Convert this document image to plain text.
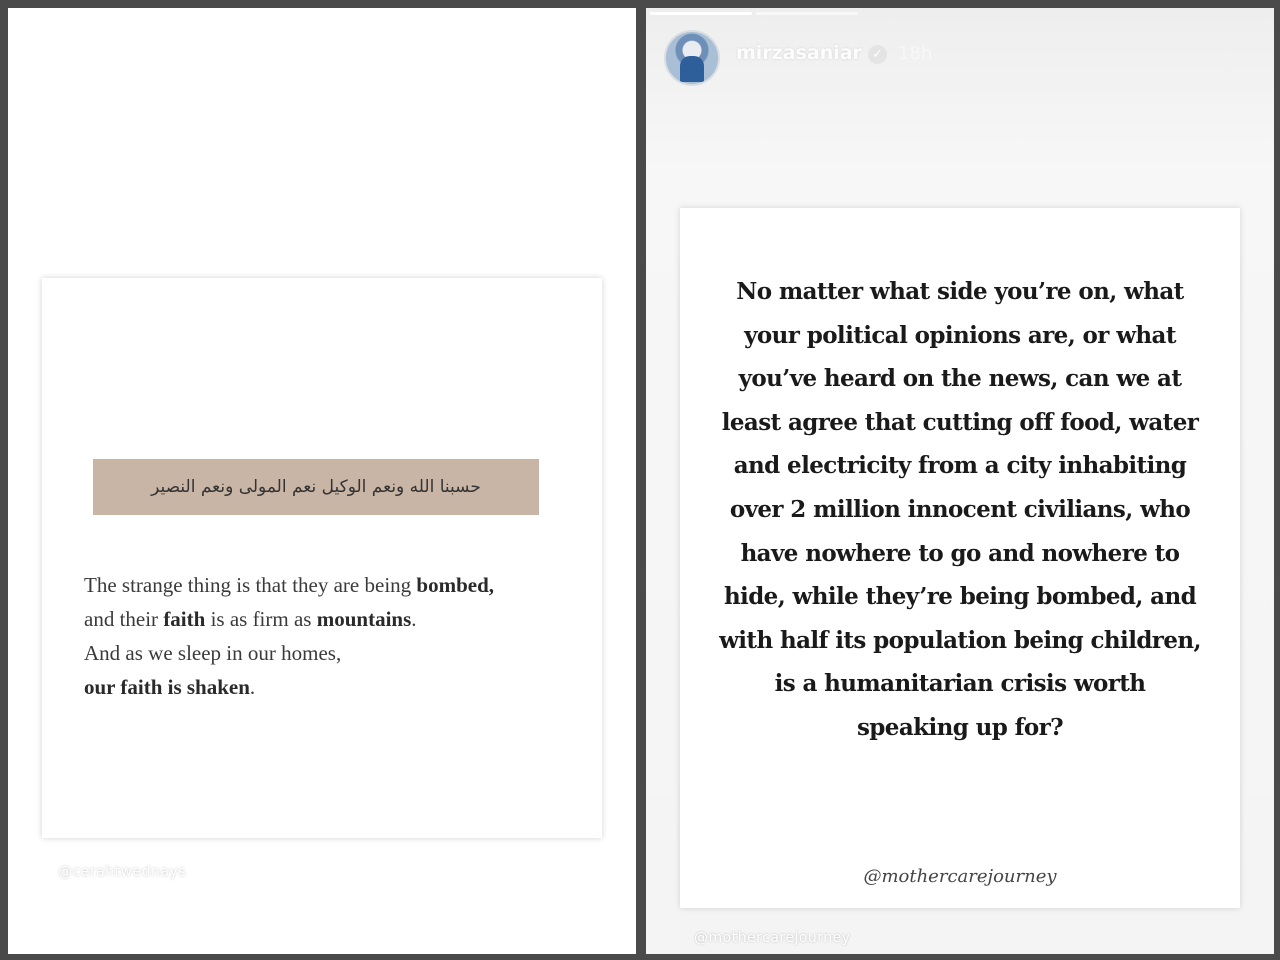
حسبنا الله ونعم الوكيل نعم المولى ونعم النصير
The strange thing is that they are being bombed,
and their faith is as firm as mountains.
And as we sleep in our homes,
our faith is shaken.
@cerahtwednays
mirzasaniar ✓ 18h
No matter what side you’re on, what your political opinions are, or what you’ve heard on the news, can we at least agree that cutting off food, water and electricity from a city inhabiting over 2 million innocent civilians, who have nowhere to go and nowhere to hide, while they’re being bombed, and with half its population being children, is a humanitarian crisis worth speaking up for?
@mothercarejourney
@mothercarejourney
